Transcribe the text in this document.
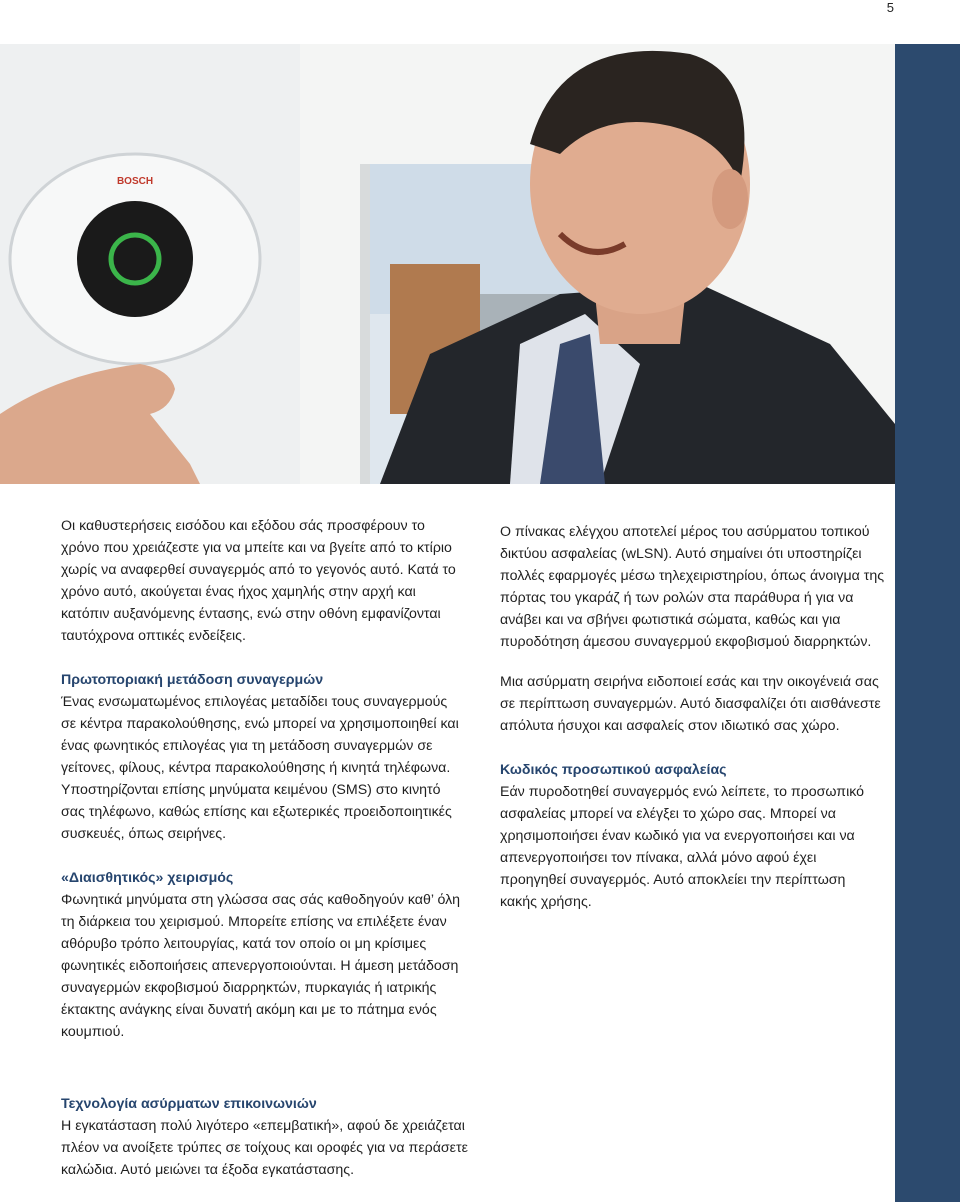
5
BOSCH

Οι καθυστερήσεις εισόδου και εξόδου σάς προσφέρουν το χρόνο που χρειάζεστε για να μπείτε και να βγείτε από το κτίριο χωρίς να αναφερθεί συναγερμός από το γεγονός αυτό. Κατά το χρόνο αυτό, ακούγεται ένας ήχος χαμηλής στην αρχή και κατόπιν αυξανόμενης έντασης, ενώ στην οθόνη εμφανίζονται ταυτόχρονα οπτικές ενδείξεις.

Πρωτοποριακή μετάδοση συναγερμών

Ένας ενσωματωμένος επιλογέας μεταδίδει τους συναγερμούς σε κέντρα παρακολούθησης, ενώ μπορεί να χρησιμοποιηθεί και ένας φωνητικός επιλογέας για τη μετάδοση συναγερμών σε γείτονες, φίλους, κέντρα παρακολούθησης ή κινητά τηλέφωνα. Υποστηρίζονται επίσης μηνύματα κειμένου (SMS) στο κινητό σας τηλέφωνο, καθώς επίσης και εξωτερικές προειδοποιητικές συσκευές, όπως σειρήνες.

«Διαισθητικός» χειρισμός

Φωνητικά μηνύματα στη γλώσσα σας σάς καθοδηγούν καθ’ όλη τη διάρκεια του χειρισμού. Μπορείτε επίσης να επιλέξετε έναν αθόρυβο τρόπο λειτουργίας, κατά τον οποίο οι μη κρίσιμες φωνητικές ειδοποιήσεις απενεργοποιούνται. Η άμεση μετάδοση συναγερμών εκφοβισμού διαρρηκτών, πυρκαγιάς ή ιατρικής έκτακτης ανάγκης είναι δυνατή ακόμη και με το πάτημα ενός κουμπιού.

Τεχνολογία ασύρματων επικοινωνιών

Η εγκατάσταση πολύ λιγότερο «επεμβατική», αφού δε χρειάζεται πλέον να ανοίξετε τρύπες σε τοίχους και οροφές για να περάσετε καλώδια. Αυτό μειώνει τα έξοδα εγκατάστασης.

Ο πίνακας ελέγχου αποτελεί μέρος του ασύρματου τοπικού δικτύου ασφαλείας (wLSN). Αυτό σημαίνει ότι υποστηρίζει πολλές εφαρμογές μέσω τηλεχειριστηρίου, όπως άνοιγμα της πόρτας του γκαράζ ή των ρολών στα παράθυρα ή για να ανάβει και να σβήνει φωτιστικά σώματα, καθώς και για πυροδότηση άμεσου συναγερμού εκφοβισμού διαρρηκτών.

Μια ασύρματη σειρήνα ειδοποιεί εσάς και την οικογένειά σας σε περίπτωση συναγερμών. Αυτό διασφαλίζει ότι αισθάνεστε απόλυτα ήσυχοι και ασφαλείς στον ιδιωτικό σας χώρο.

Κωδικός προσωπικού ασφαλείας

Εάν πυροδοτηθεί συναγερμός ενώ λείπετε, το προσωπικό ασφαλείας μπορεί να ελέγξει το χώρο σας. Μπορεί να χρησιμοποιήσει έναν κωδικό για να ενεργοποιήσει και να απενεργοποιήσει τον πίνακα, αλλά μόνο αφού έχει προηγηθεί συναγερμός. Αυτό αποκλείει την περίπτωση κακής χρήσης.
